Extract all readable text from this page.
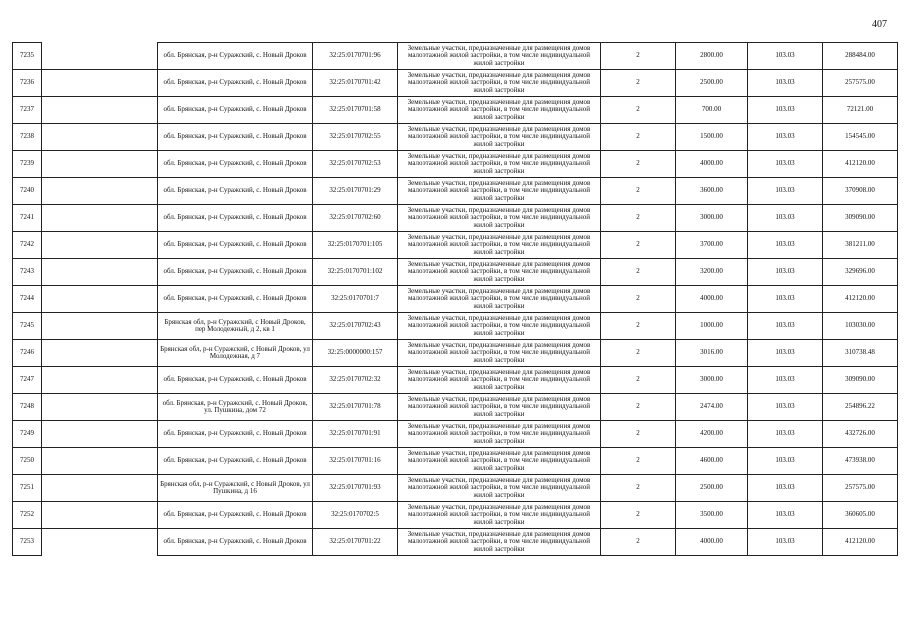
407
7235		обл. Брянская, р-н Суражский, с. Новый Дроков	32:25:0170701:96	Земельные участки, предназначенные для размещения домов малоэтажной жилой застройки, в том числе индивидуальной жилой застройки	2	2800.00	103.03	288484.00
7236		обл. Брянская, р-н Суражский, с. Новый Дроков	32:25:0170701:42	Земельные участки, предназначенные для размещения домов малоэтажной жилой застройки, в том числе индивидуальной жилой застройки	2	2500.00	103.03	257575.00
7237		обл. Брянская, р-н Суражский, с. Новый Дроков	32:25:0170701:58	Земельные участки, предназначенные для размещения домов малоэтажной жилой застройки, в том числе индивидуальной жилой застройки	2	700.00	103.03	72121.00
7238		обл. Брянская, р-н Суражский, с. Новый Дроков	32:25:0170702:55	Земельные участки, предназначенные для размещения домов малоэтажной жилой застройки, в том числе индивидуальной жилой застройки	2	1500.00	103.03	154545.00
7239		обл. Брянская, р-н Суражский, с. Новый Дроков	32:25:0170702:53	Земельные участки, предназначенные для размещения домов малоэтажной жилой застройки, в том числе индивидуальной жилой застройки	2	4000.00	103.03	412120.00
7240		обл. Брянская, р-н Суражский, с. Новый Дроков	32:25:0170701:29	Земельные участки, предназначенные для размещения домов малоэтажной жилой застройки, в том числе индивидуальной жилой застройки	2	3600.00	103.03	370908.00
7241		обл. Брянская, р-н Суражский, с. Новый Дроков	32:25:0170702:60	Земельные участки, предназначенные для размещения домов малоэтажной жилой застройки, в том числе индивидуальной жилой застройки	2	3000.00	103.03	309090.00
7242		обл. Брянская, р-н Суражский, с. Новый Дроков	32:25:0170701:105	Земельные участки, предназначенные для размещения домов малоэтажной жилой застройки, в том числе индивидуальной жилой застройки	2	3700.00	103.03	381211.00
7243		обл. Брянская, р-н Суражский, с. Новый Дроков	32:25:0170701:102	Земельные участки, предназначенные для размещения домов малоэтажной жилой застройки, в том числе индивидуальной жилой застройки	2	3200.00	103.03	329696.00
7244		обл. Брянская, р-н Суражский, с. Новый Дроков	32:25:0170701:7	Земельные участки, предназначенные для размещения домов малоэтажной жилой застройки, в том числе индивидуальной жилой застройки	2	4000.00	103.03	412120.00
7245		Брянская обл, р-н Суражский, с Новый Дроков, пер Молодежный, д 2, кв 1	32:25:0170702:43	Земельные участки, предназначенные для размещения домов малоэтажной жилой застройки, в том числе индивидуальной жилой застройки	2	1000.00	103.03	103030.00
7246		Брянская обл, р-н Суражский, с Новый Дроков, ул Молодежная, д 7	32:25:0000000:157	Земельные участки, предназначенные для размещения домов малоэтажной жилой застройки, в том числе индивидуальной жилой застройки	2	3016.00	103.03	310738.48
7247		обл. Брянская, р-н Суражский, с. Новый Дроков	32:25:0170702:32	Земельные участки, предназначенные для размещения домов малоэтажной жилой застройки, в том числе индивидуальной жилой застройки	2	3000.00	103.03	309090.00
7248		обл. Брянская, р-н Суражский, с. Новый Дроков, ул. Пушкина, дом 72	32:25:0170701:78	Земельные участки, предназначенные для размещения домов малоэтажной жилой застройки, в том числе индивидуальной жилой застройки	2	2474.00	103.03	254896.22
7249		обл. Брянская, р-н Суражский, с. Новый Дроков	32:25:0170701:91	Земельные участки, предназначенные для размещения домов малоэтажной жилой застройки, в том числе индивидуальной жилой застройки	2	4200.00	103.03	432726.00
7250		обл. Брянская, р-н Суражский, с. Новый Дроков	32:25:0170701:16	Земельные участки, предназначенные для размещения домов малоэтажной жилой застройки, в том числе индивидуальной жилой застройки	2	4600.00	103.03	473938.00
7251		Брянская обл, р-н Суражский, с Новый Дроков, ул Пушкина, д 16	32:25:0170701:93	Земельные участки, предназначенные для размещения домов малоэтажной жилой застройки, в том числе индивидуальной жилой застройки	2	2500.00	103.03	257575.00
7252		обл. Брянская, р-н Суражский, с. Новый Дроков	32:25:0170702:5	Земельные участки, предназначенные для размещения домов малоэтажной жилой застройки, в том числе индивидуальной жилой застройки	2	3500.00	103.03	360605.00
7253		обл. Брянская, р-н Суражский, с. Новый Дроков	32:25:0170701:22	Земельные участки, предназначенные для размещения домов малоэтажной жилой застройки, в том числе индивидуальной жилой застройки	2	4000.00	103.03	412120.00
